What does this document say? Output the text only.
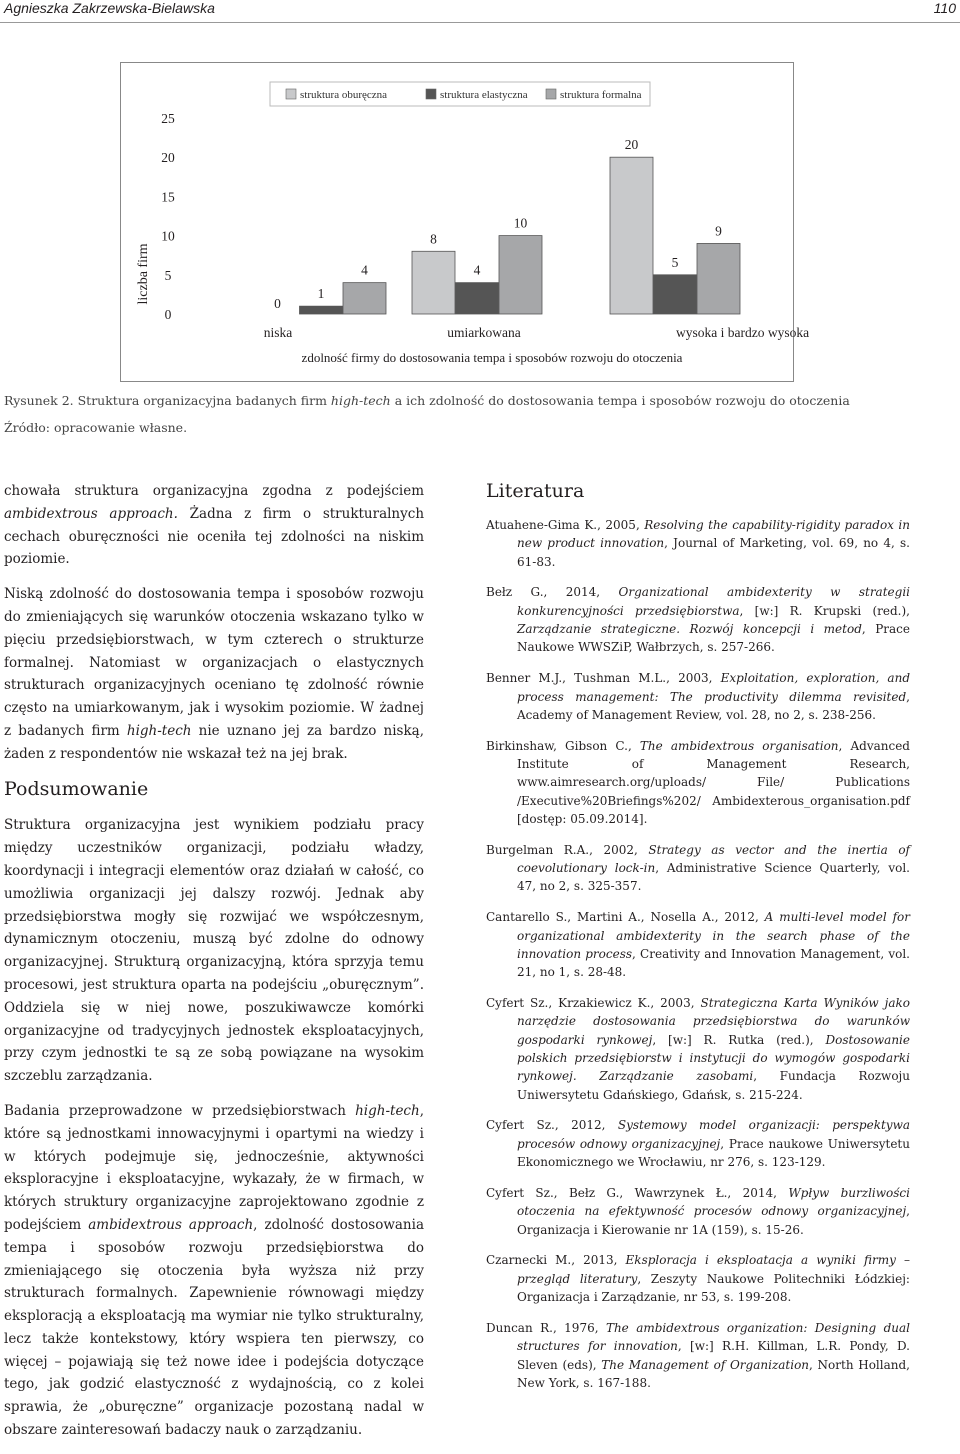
Agnieszka Zakrzewska-Bielawska	110
struktura oburęczna	struktura elastyczna	struktura formalna
0
5
10
15
20
25
0
1
4
8
4
10
20
5
9
niska	umiarkowana	wysoka i bardzo wysoka
liczba firm
zdolność firmy do dostosowania tempa i sposobów rozwoju do otoczenia
Rysunek 2. Struktura organizacyjna badanych firm high-tech a ich zdolność do dostosowania tempa i sposobów rozwoju do otoczenia
Źródło: opracowanie własne.

chowała struktura organizacyjna zgodna z podejściem ambidextrous approach. Żadna z firm o strukturalnych cechach oburęczności nie oceniła tej zdolności na niskim poziomie.

Niską zdolność do dostosowania tempa i sposobów rozwoju do zmieniających się warunków otoczenia wskazano tylko w pięciu przedsiębiorstwach, w tym czterech o strukturze formalnej. Natomiast w organizacjach o elastycznych strukturach organizacyjnych oceniano tę zdolność równie często na umiarkowanym, jak i wysokim poziomie. W żadnej z badanych firm high-tech nie uznano jej za bardzo niską, żaden z respondentów nie wskazał też na jej brak.

Podsumowanie

Struktura organizacyjna jest wynikiem podziału pracy między uczestników organizacji, podziału władzy, koordynacji i integracji elementów oraz działań w całość, co umożliwia organizacji jej dalszy rozwój. Jednak aby przedsiębiorstwa mogły się rozwijać we współczesnym, dynamicznym otoczeniu, muszą być zdolne do odnowy organizacyjnej. Strukturą organizacyjną, która sprzyja temu procesowi, jest struktura oparta na podejściu „oburęcznym”. Oddziela się w niej nowe, poszukiwawcze komórki organizacyjne od tradycyjnych jednostek eksploatacyjnych, przy czym jednostki te są ze sobą powiązane na wysokim szczeblu zarządzania.

Badania przeprowadzone w przedsiębiorstwach high-tech, które są jednostkami innowacyjnymi i opartymi na wiedzy i w których podejmuje się, jednocześnie, aktywności eksploracyjne i eksploatacyjne, wykazały, że w firmach, w których struktury organizacyjne zaprojektowano zgodnie z podejściem ambidextrous approach, zdolność dostosowania tempa i sposobów rozwoju przedsiębiorstwa do zmieniającego się otoczenia była wyższa niż przy strukturach formalnych. Zapewnienie równowagi między eksploracją a eksploatacją ma wymiar nie tylko strukturalny, lecz także kontekstowy, który wspiera ten pierwszy, co więcej – pojawiają się też nowe idee i podejścia dotyczące tego, jak godzić elastyczność z wydajnością, co z kolei sprawia, że „oburęczne” organizacje pozostaną nadal w obszare zainteresowań badaczy nauk o zarządzaniu.

Literatura

Atuahene-Gima K., 2005, Resolving the capability-rigidity paradox in new product innovation, Journal of Marketing, vol. 69, no 4, s. 61-83.

Bełz G., 2014, Organizational ambidexterity w strategii konkurencyjności przedsiębiorstwa, [w:] R. Krupski (red.), Zarządzanie strategiczne. Rozwój koncepcji i metod, Prace Naukowe WWSZiP, Wałbrzych, s. 257-266.

Benner M.J., Tushman M.L., 2003, Exploitation, exploration, and process management: The productivity dilemma revisited, Academy of Management Review, vol. 28, no 2, s. 238-256.

Birkinshaw, Gibson C., The ambidextrous organisation, Advanced Institute of Management Research, www.aimresearch.org/uploads/ File/ Publications /Executive%20Briefings%202/ Ambidexterous_organisation.pdf [dostęp: 05.09.2014].

Burgelman R.A., 2002, Strategy as vector and the inertia of coevolutionary lock-in, Administrative Science Quarterly, vol. 47, no 2, s. 325-357.

Cantarello S., Martini A., Nosella A., 2012, A multi-level model for organizational ambidexterity in the search phase of the innovation process, Creativity and Innovation Management, vol. 21, no 1, s. 28-48.

Cyfert Sz., Krzakiewicz K., 2003, Strategiczna Karta Wyników jako narzędzie dostosowania przedsiębiorstwa do warunków gospodarki rynkowej, [w:] R. Rutka (red.), Dostosowanie polskich przedsiębiorstw i instytucji do wymogów gospodarki rynkowej. Zarządzanie zasobami, Fundacja Rozwoju Uniwersytetu Gdańskiego, Gdańsk, s. 215-224.

Cyfert Sz., 2012, Systemowy model organizacji: perspektywa procesów odnowy organizacyjnej, Prace naukowe Uniwersytetu Ekonomicznego we Wrocławiu, nr 276, s. 123-129.

Cyfert Sz., Bełz G., Wawrzynek Ł., 2014, Wpływ burzliwości otoczenia na efektywność procesów odnowy organizacyjnej, Organizacja i Kierowanie nr 1A (159), s. 15-26.

Czarnecki M., 2013, Eksploracja i eksploatacja a wyniki firmy – przegląd literatury, Zeszyty Naukowe Politechniki Łódzkiej: Organizacja i Zarządzanie, nr 53, s. 199-208.

Duncan R., 1976, The ambidextrous organization: Designing dual structures for innovation, [w:] R.H. Killman, L.R. Pondy, D. Sleven (eds), The Management of Organization, North Holland, New York, s. 167-188.
